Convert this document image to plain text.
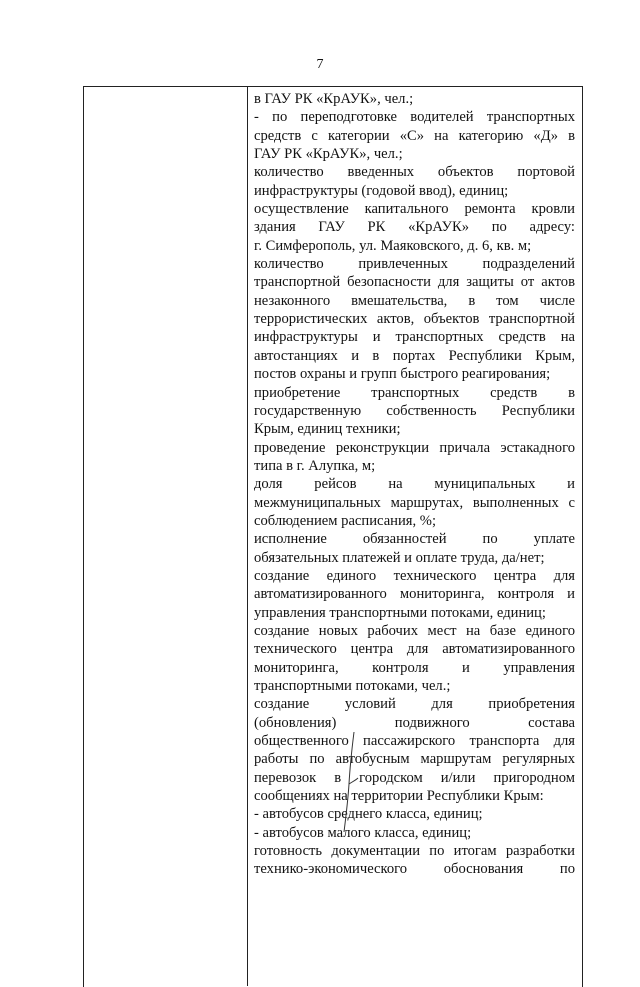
7
в ГАУ РК «КрАУК», чел.;
- по переподготовке водителей транспортных
средств с категории «С» на категорию «Д» в
ГАУ РК «КрАУК», чел.;
количество введенных объектов портовой
инфраструктуры (годовой ввод), единиц;
осуществление капитального ремонта кровли
здания ГАУ РК «КрАУК» по адресу:
г. Симферополь, ул. Маяковского, д. 6, кв. м;
количество привлеченных подразделений
транспортной безопасности для защиты от актов
незаконного вмешательства, в том числе
террористических актов, объектов транспортной
инфраструктуры и транспортных средств на
автостанциях и в портах Республики Крым,
постов охраны и групп быстрого реагирования;
приобретение транспортных средств в
государственную собственность Республики
Крым, единиц техники;
проведение реконструкции причала эстакадного
типа в г. Алупка, м;
доля рейсов на муниципальных и
межмуниципальных маршрутах, выполненных с
соблюдением расписания, %;
исполнение обязанностей по уплате
обязательных платежей и оплате труда, да/нет;
создание единого технического центра для
автоматизированного мониторинга, контроля и
управления транспортными потоками, единиц;
создание новых рабочих мест на базе единого
технического центра для автоматизированного
мониторинга, контроля и управления
транспортными потоками, чел.;
создание условий для приобретения
(обновления) подвижного состава
общественного пассажирского транспорта для
работы по автобусным маршрутам регулярных
перевозок в городском и/или пригородном
сообщениях на территории Республики Крым:
- автобусов среднего класса, единиц;
- автобусов малого класса, единиц;
готовность документации по итогам разработки
технико-экономического обоснования по
